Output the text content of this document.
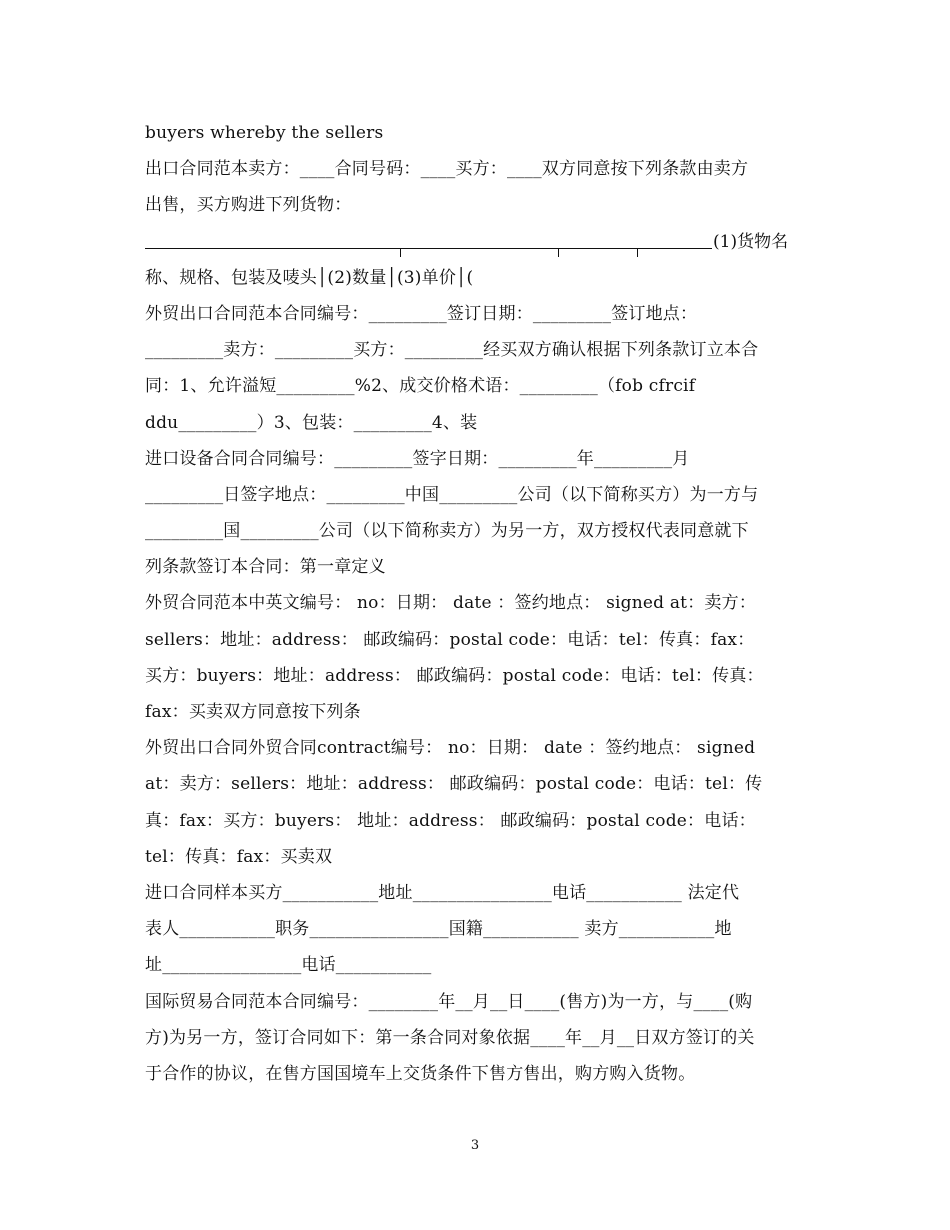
buyers whereby the sellers
出口合同范本卖方：____合同号码：____买方：____双方同意按下列条款由卖方
出售，买方购进下列货物：
(1)货物名
称、规格、包装及唛头│(2)数量│(3)单价│(
外贸出口合同范本合同编号：_________签订日期：_________签订地点：
_________卖方：_________买方：_________经买双方确认根据下列条款订立本合
同：1、允许溢短_________%2、成交价格术语：_________（fob cfrcif
ddu_________）3、包装：_________4、装
进口设备合同合同编号：_________签字日期：_________年_________月
_________日签字地点：_________中国_________公司（以下简称买方）为一方与
_________国_________公司（以下简称卖方）为另一方，双方授权代表同意就下
列条款签订本合同：第一章定义
外贸合同范本中英文编号： no：日期： date ：签约地点： signed at：卖方：
sellers：地址：address： 邮政编码：postal code：电话：tel：传真：fax：
买方：buyers：地址：address： 邮政编码：postal code：电话：tel：传真：
fax：买卖双方同意按下列条
外贸出口合同外贸合同contract编号： no：日期： date ：签约地点： signed
at：卖方：sellers：地址：address： 邮政编码：postal code：电话：tel：传
真：fax：买方：buyers： 地址：address： 邮政编码：postal code：电话：
tel：传真：fax：买卖双
进口合同样本买方___________地址________________电话___________ 法定代
表人___________职务________________国籍___________ 卖方___________地
址________________电话___________
国际贸易合同范本合同编号：________年__月__日____(售方)为一方，与____(购
方)为另一方，签订合同如下：第一条合同对象依据____年__月__日双方签订的关
于合作的协议，在售方国国境车上交货条件下售方售出，购方购入货物。
3
